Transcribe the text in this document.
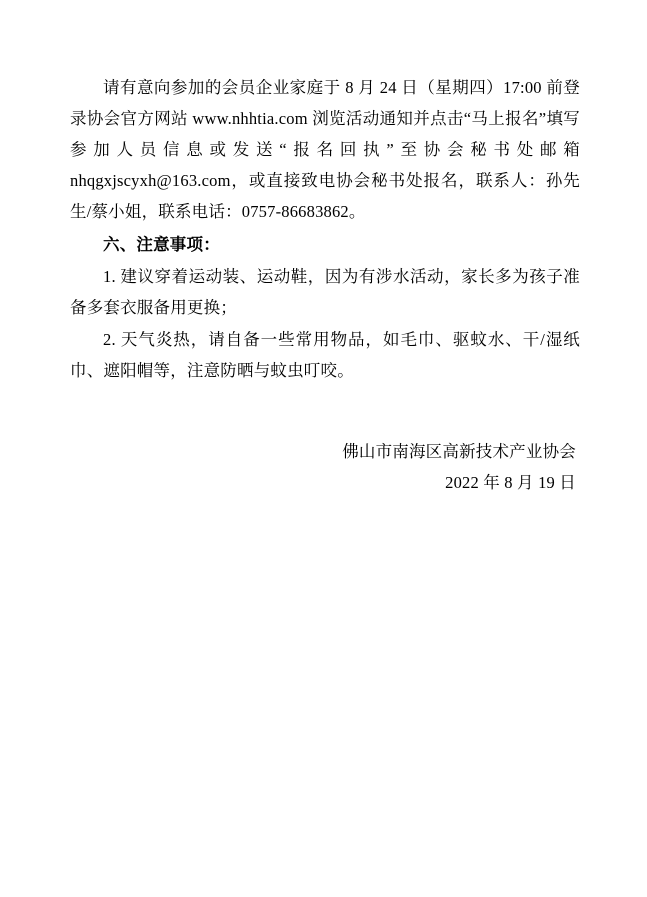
请有意向参加的会员企业家庭于 8 月 24 日（星期四）17:00 前登录协会官方网站 www.nhhtia.com 浏览活动通知并点击“马上报名”填写参加人员信息或发送“报名回执”至协会秘书处邮箱 nhqgxjscyxh@163.com，或直接致电协会秘书处报名，联系人：孙先生/蔡小姐，联系电话：0757-86683862。

六、注意事项：

1. 建议穿着运动装、运动鞋，因为有涉水活动，家长多为孩子准备多套衣服备用更换；

2. 天气炎热，请自备一些常用物品，如毛巾、驱蚊水、干/湿纸巾、遮阳帽等，注意防晒与蚊虫叮咬。

佛山市南海区高新技术产业协会

2022 年 8 月 19 日
